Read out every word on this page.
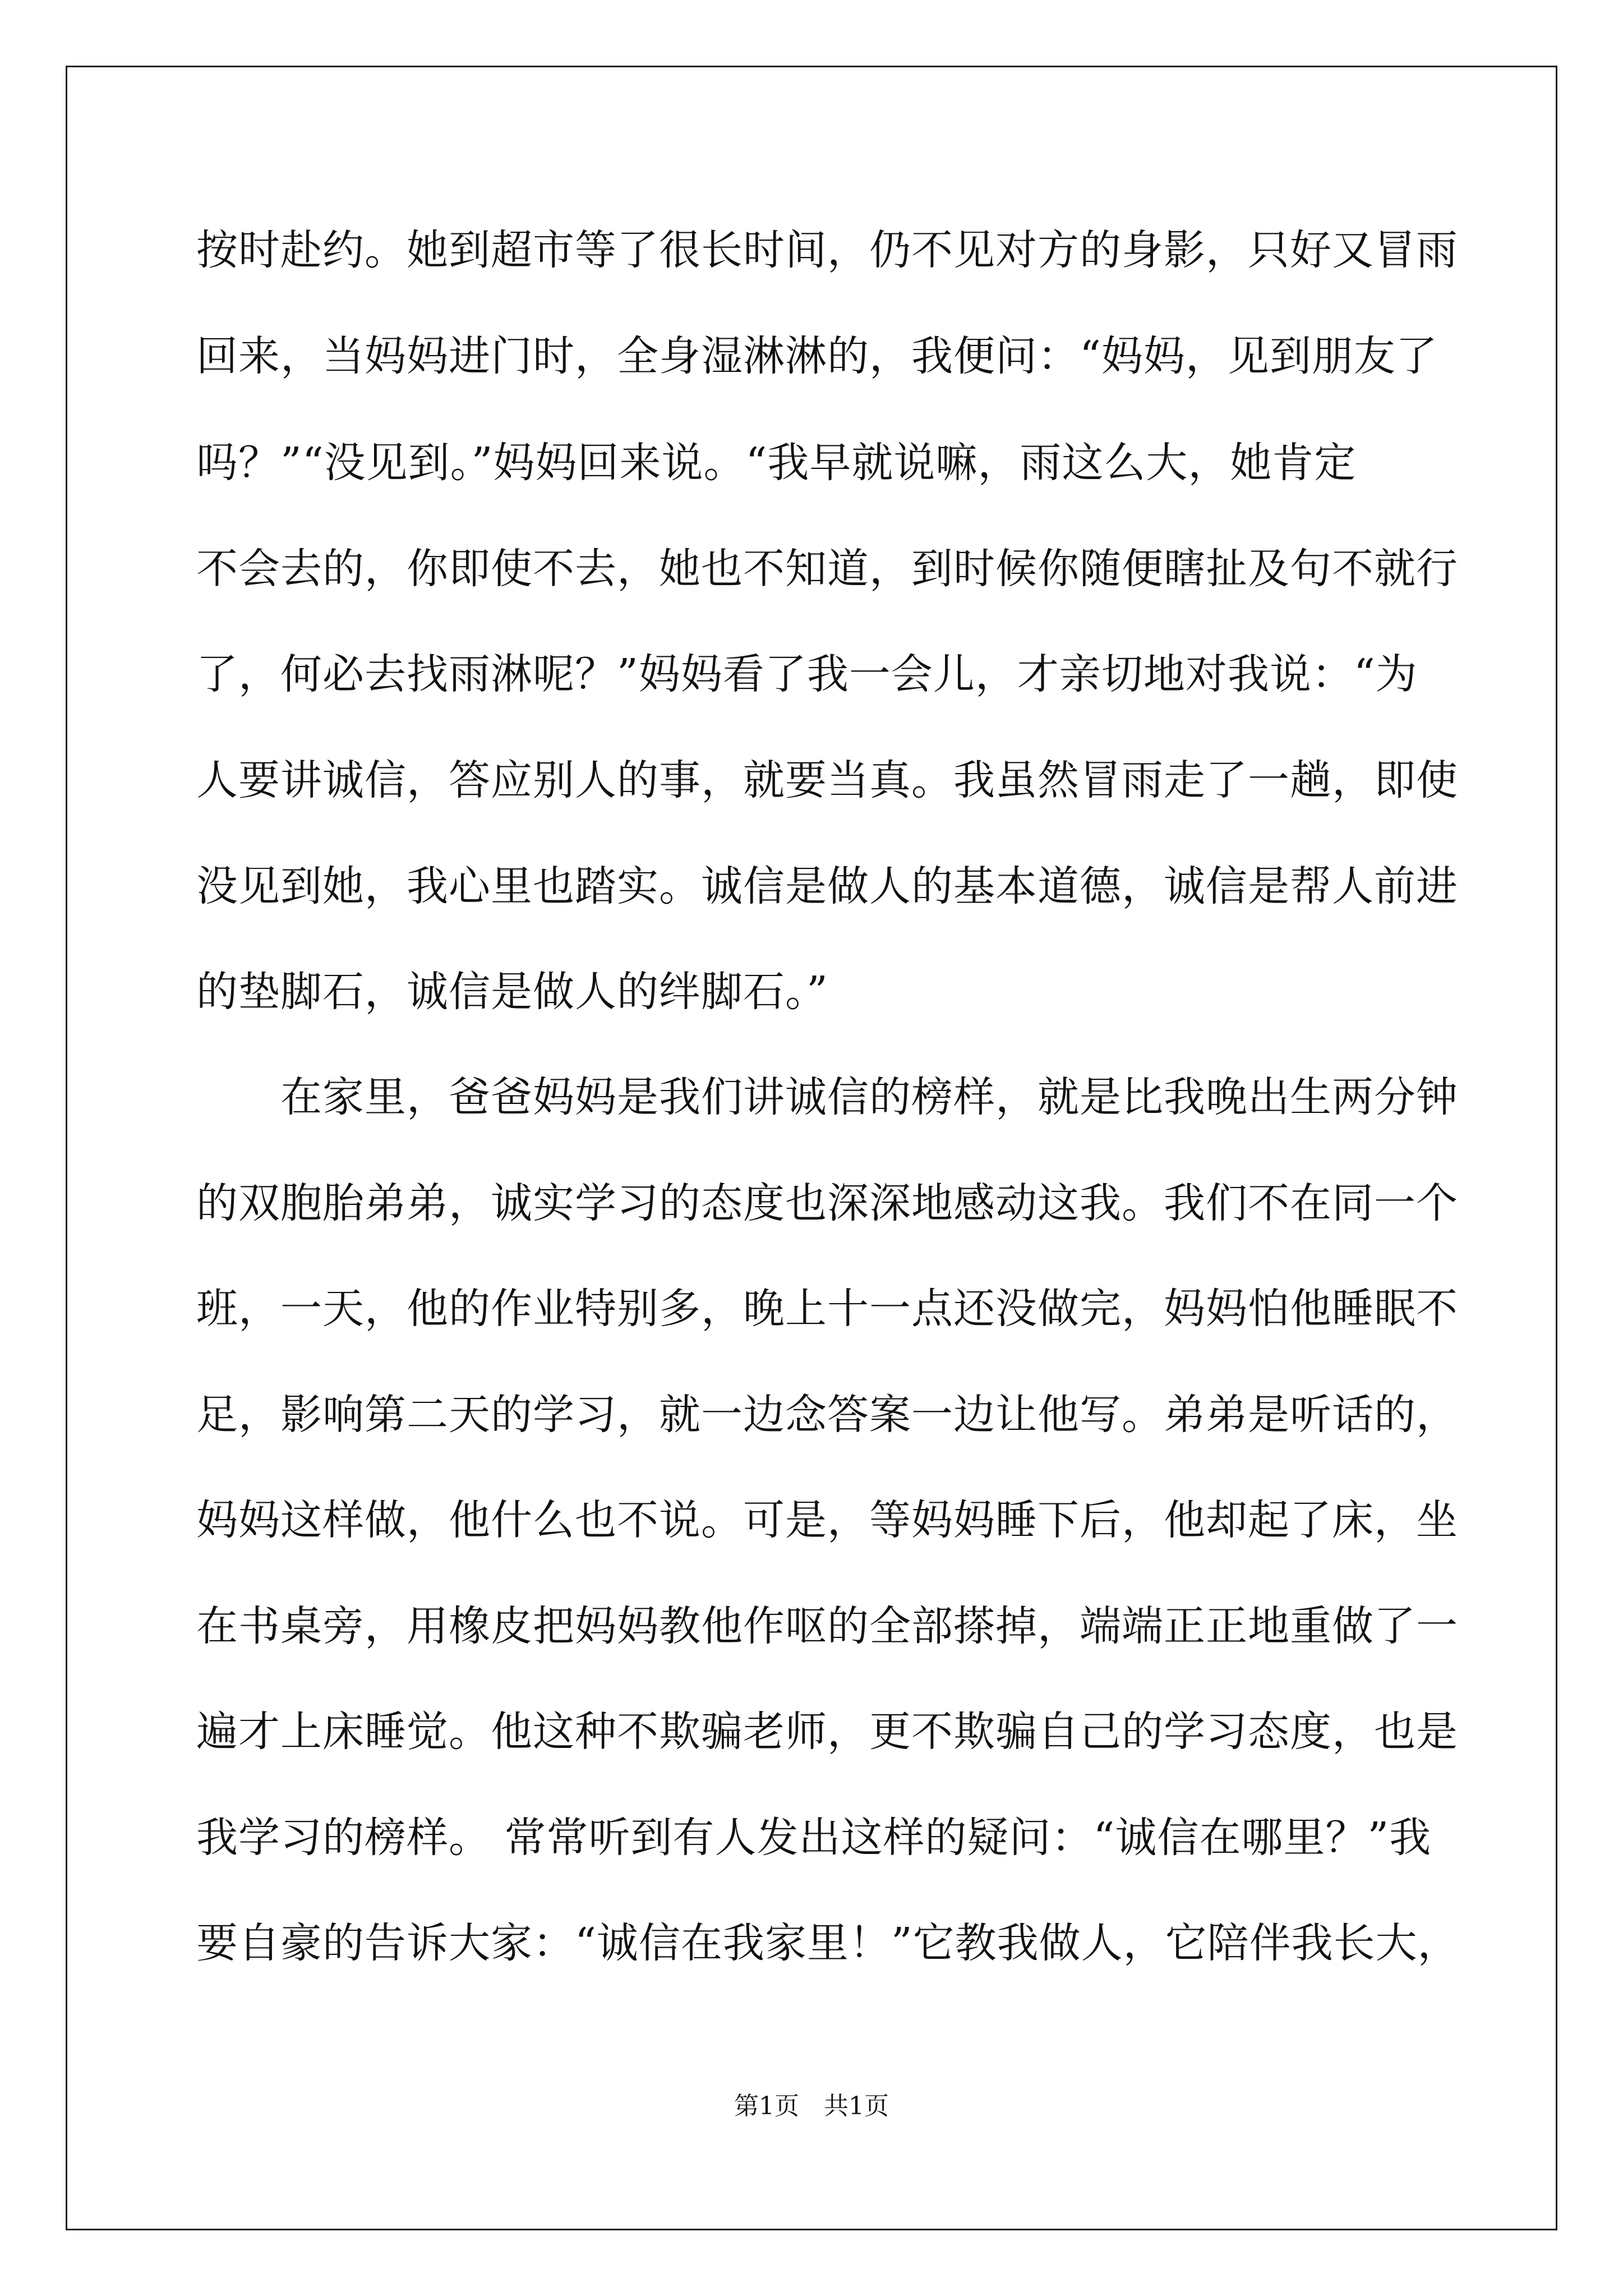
按时赴约。她到超市等了很长时间，仍不见对方的身影，只好又冒雨
回来，当妈妈进门时，全身湿淋淋的，我便问：“妈妈，见到朋友了
吗？”“没见到。”妈妈回来说。“我早就说嘛，雨这么大，她肯定
不会去的，你即使不去，她也不知道，到时候你随便瞎扯及句不就行
了，何必去找雨淋呢？”妈妈看了我一会儿，才亲切地对我说：“为
人要讲诚信，答应别人的事，就要当真。我虽然冒雨走了一趟，即使
没见到她，我心里也踏实。诚信是做人的基本道德，诚信是帮人前进
的垫脚石，诚信是做人的绊脚石。”
　　在家里，爸爸妈妈是我们讲诚信的榜样，就是比我晚出生两分钟
的双胞胎弟弟，诚实学习的态度也深深地感动这我。我们不在同一个
班，一天，他的作业特别多，晚上十一点还没做完，妈妈怕他睡眠不
足，影响第二天的学习，就一边念答案一边让他写。弟弟是听话的，
妈妈这样做，他什么也不说。可是，等妈妈睡下后，他却起了床，坐
在书桌旁，用橡皮把妈妈教他作呕的全部搽掉，端端正正地重做了一
遍才上床睡觉。他这种不欺骗老师，更不欺骗自己的学习态度，也是
我学习的榜样。 常常听到有人发出这样的疑问：“诚信在哪里？”我
要自豪的告诉大家：“诚信在我家里！”它教我做人，它陪伴我长大，
第1页　共1页
